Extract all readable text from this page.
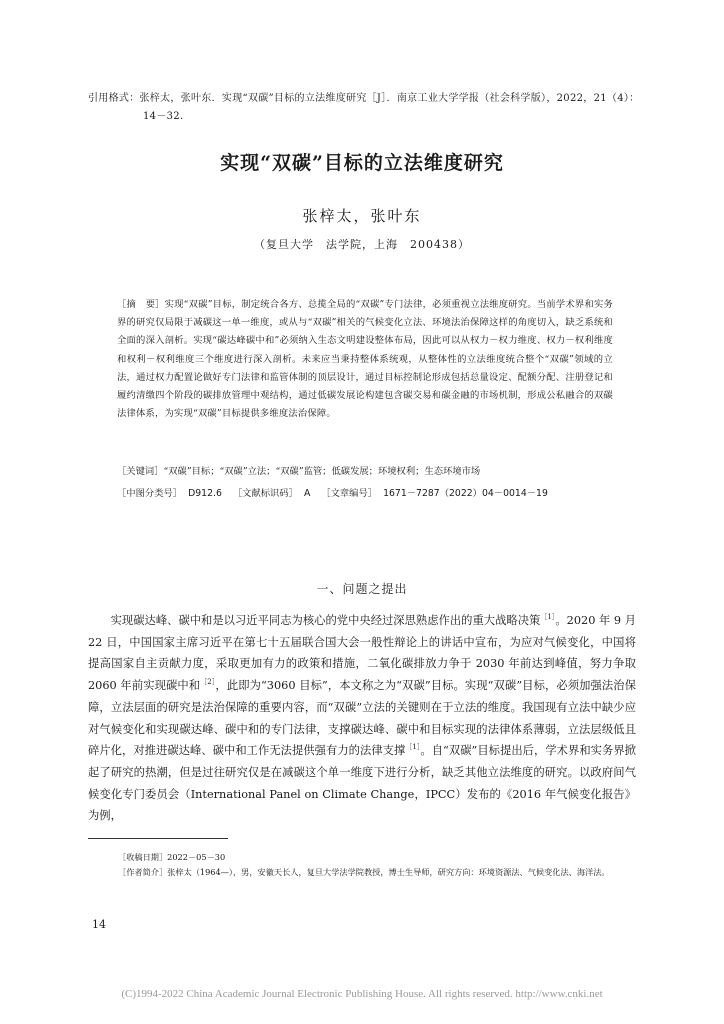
引用格式：张梓太，张叶东．实现“双碳”目标的立法维度研究［J］．南京工业大学学报（社会科学版），2022，21（4）：
14－32．
实现“双碳”目标的立法维度研究
张梓太，张叶东
（复旦大学　法学院，上海　200438）
［摘　要］实现“双碳”目标，制定统合各方、总揽全局的“双碳”专门法律，必须重视立法维度研究。当前学术界和实务界的研究仅局限于减碳这一单一维度，或从与“双碳”相关的气候变化立法、环境法治保障这样的角度切入，缺乏系统和全面的深入剖析。实现“碳达峰碳中和”必须纳入生态文明建设整体布局，因此可以从权力－权力维度、权力－权利维度和权利－权利维度三个维度进行深入剖析。未来应当秉持整体系统观，从整体性的立法维度统合整个“双碳”领域的立法，通过权力配置论做好专门法律和监管体制的顶层设计，通过目标控制论形成包括总量设定、配额分配、注册登记和履约清缴四个阶段的碳排放管理中观结构，通过低碳发展论构建包含碳交易和碳金融的市场机制，形成公私融合的双碳法律体系，为实现“双碳”目标提供多维度法治保障。
［关键词］“双碳”目标；“双碳”立法；“双碳”监管；低碳发展；环境权利；生态环境市场
［中图分类号］ D912.6 ［文献标识码］ A ［文章编号］ 1671－7287（2022）04－0014－19
一、问题之提出
实现碳达峰、碳中和是以习近平同志为核心的党中央经过深思熟虑作出的重大战略决策$^{[1]}$。2020 年 9 月 22 日，中国国家主席习近平在第七十五届联合国大会一般性辩论上的讲话中宣布，为应对气候变化，中国将提高国家自主贡献力度，采取更加有力的政策和措施，二氧化碳排放力争于 2030 年前达到峰值，努力争取 2060 年前实现碳中和$^{[2]}$，此即为“3060 目标”，本文称之为“双碳”目标。实现“双碳”目标，必须加强法治保障，立法层面的研究是法治保障的重要内容，而“双碳”立法的关键则在于立法的维度。我国现有立法中缺少应对气候变化和实现碳达峰、碳中和的专门法律，支撑碳达峰、碳中和目标实现的法律体系薄弱，立法层级低且碎片化，对推进碳达峰、碳中和工作无法提供强有力的法律支撑$^{[1]}$。自“双碳”目标提出后，学术界和实务界掀起了研究的热潮，但是过往研究仅是在减碳这个单一维度下进行分析，缺乏其他立法维度的研究。以政府间气候变化专门委员会（International Panel on Climate Change，IPCC）发布的《2016 年气候变化报告》为例，
［收稿日期］2022－05－30
［作者简介］张梓太（1964—），男，安徽天长人，复旦大学法学院教授，博士生导师，研究方向：环境资源法、气候变化法、海洋法。
14
(C)1994-2022 China Academic Journal Electronic Publishing House. All rights reserved. http://www.cnki.net
